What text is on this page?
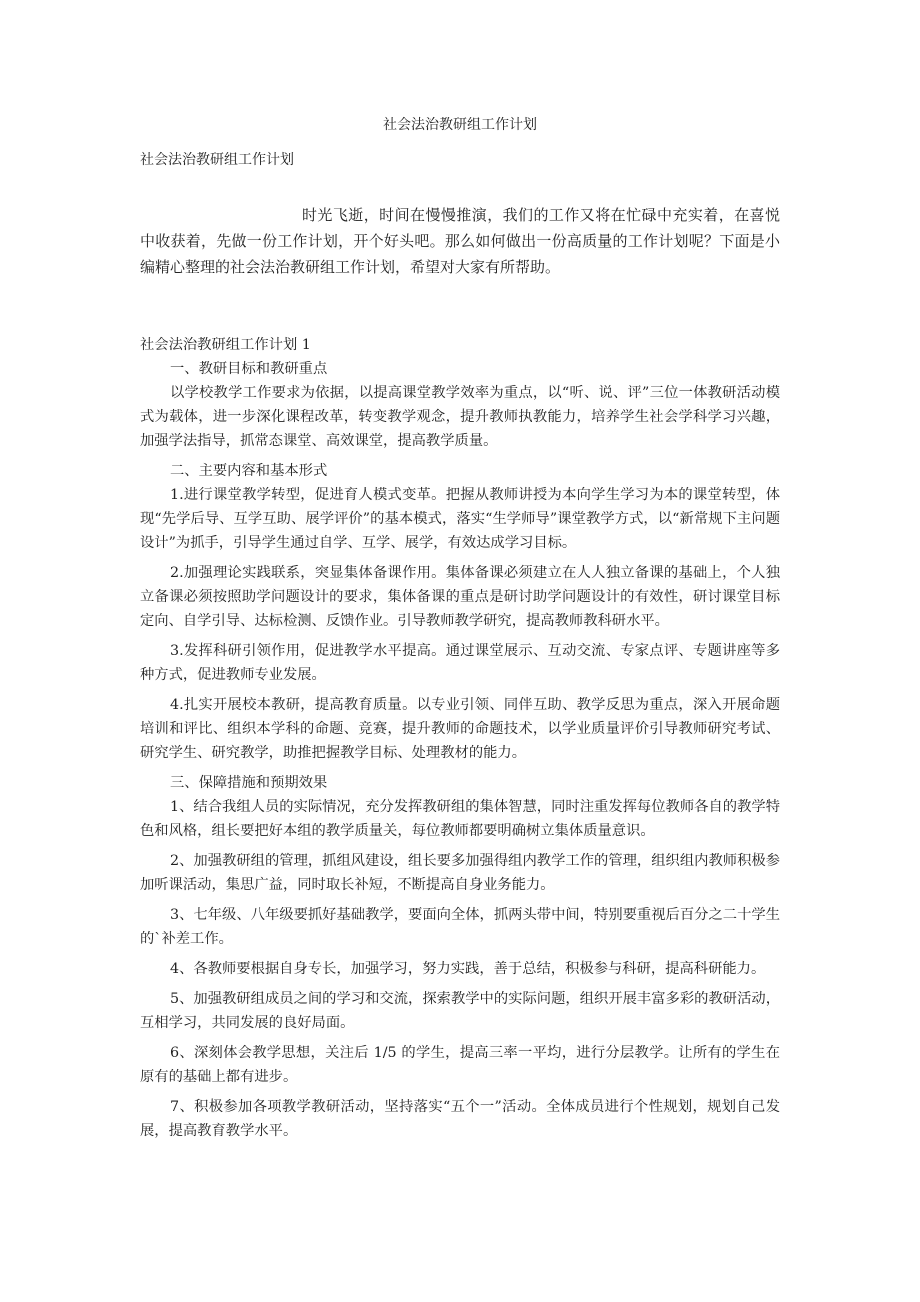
社会法治教研组工作计划
社会法治教研组工作计划

时光飞逝，时间在慢慢推演，我们的工作又将在忙碌中充实着，在喜悦中收获着，先做一份工作计划，开个好头吧。那么如何做出一份高质量的工作计划呢？下面是小编精心整理的社会法治教研组工作计划，希望对大家有所帮助。

社会法治教研组工作计划 1

一、教研目标和教研重点

以学校教学工作要求为依据，以提高课堂教学效率为重点，以“听、说、评”三位一体教研活动模式为载体，进一步深化课程改革，转变教学观念，提升教师执教能力，培养学生社会学科学习兴趣，加强学法指导，抓常态课堂、高效课堂，提高教学质量。

二、主要内容和基本形式

1.进行课堂教学转型，促进育人模式变革。把握从教师讲授为本向学生学习为本的课堂转型，体现“先学后导、互学互助、展学评价”的基本模式，落实“生学师导”课堂教学方式，以“新常规下主问题设计”为抓手，引导学生通过自学、互学、展学，有效达成学习目标。

2.加强理论实践联系，突显集体备课作用。集体备课必须建立在人人独立备课的基础上，个人独立备课必须按照助学问题设计的要求，集体备课的重点是研讨助学问题设计的有效性，研讨课堂目标定向、自学引导、达标检测、反馈作业。引导教师教学研究，提高教师教科研水平。

3.发挥科研引领作用，促进教学水平提高。通过课堂展示、互动交流、专家点评、专题讲座等多种方式，促进教师专业发展。

4.扎实开展校本教研，提高教育质量。以专业引领、同伴互助、教学反思为重点，深入开展命题培训和评比、组织本学科的命题、竞赛，提升教师的命题技术，以学业质量评价引导教师研究考试、研究学生、研究教学，助推把握教学目标、处理教材的能力。

三、保障措施和预期效果

1、结合我组人员的实际情况，充分发挥教研组的集体智慧，同时注重发挥每位教师各自的教学特色和风格，组长要把好本组的教学质量关，每位教师都要明确树立集体质量意识。

2、加强教研组的管理，抓组风建设，组长要多加强得组内教学工作的管理，组织组内教师积极参加听课活动，集思广益，同时取长补短，不断提高自身业务能力。

3、七年级、八年级要抓好基础教学，要面向全体，抓两头带中间，特别要重视后百分之二十学生的`补差工作。

4、各教师要根据自身专长，加强学习，努力实践，善于总结，积极参与科研，提高科研能力。

5、加强教研组成员之间的学习和交流，探索教学中的实际问题，组织开展丰富多彩的教研活动，互相学习，共同发展的良好局面。

6、深刻体会教学思想，关注后 1/5 的学生，提高三率一平均，进行分层教学。让所有的学生在原有的基础上都有进步。

7、积极参加各项教学教研活动，坚持落实“五个一”活动。全体成员进行个性规划，规划自己发展，提高教育教学水平。
